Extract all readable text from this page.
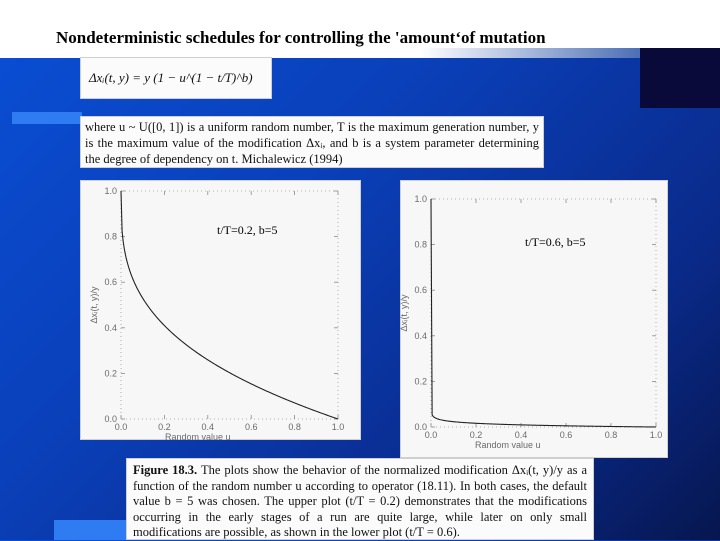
Nondeterministic schedules for controlling the 'amount‘of mutation
Δxᵢ(t, y) = y (1 − u^(1 − t/T)^b)
where u ~ U([0, 1]) is a uniform random number, T is the maximum generation number, y is the maximum value of the modification Δxᵢ, and b is a system parameter determining the degree of dependency on t. Michalewicz (1994)
0.0	0.2	0.4	0.6	0.8	1.0
0.0
0.2
0.4
0.6
0.8
1.0
Random value u
Δxᵢ(t, y)/y
t/T=0.2, b=5
0.0	0.2	0.4	0.6	0.8	1.0
0.0
0.2
0.4
0.6
0.8
1.0
Random value u
Δxᵢ(t, y)/y
t/T=0.6, b=5
Figure 18.3. The plots show the behavior of the normalized modification Δxᵢ(t, y)/y as a function of the random number u according to operator (18.11). In both cases, the default value b = 5 was chosen. The upper plot (t/T = 0.2) demonstrates that the modifications occurring in the early stages of a run are quite large, while later on only small modifications are possible, as shown in the lower plot (t/T = 0.6).
